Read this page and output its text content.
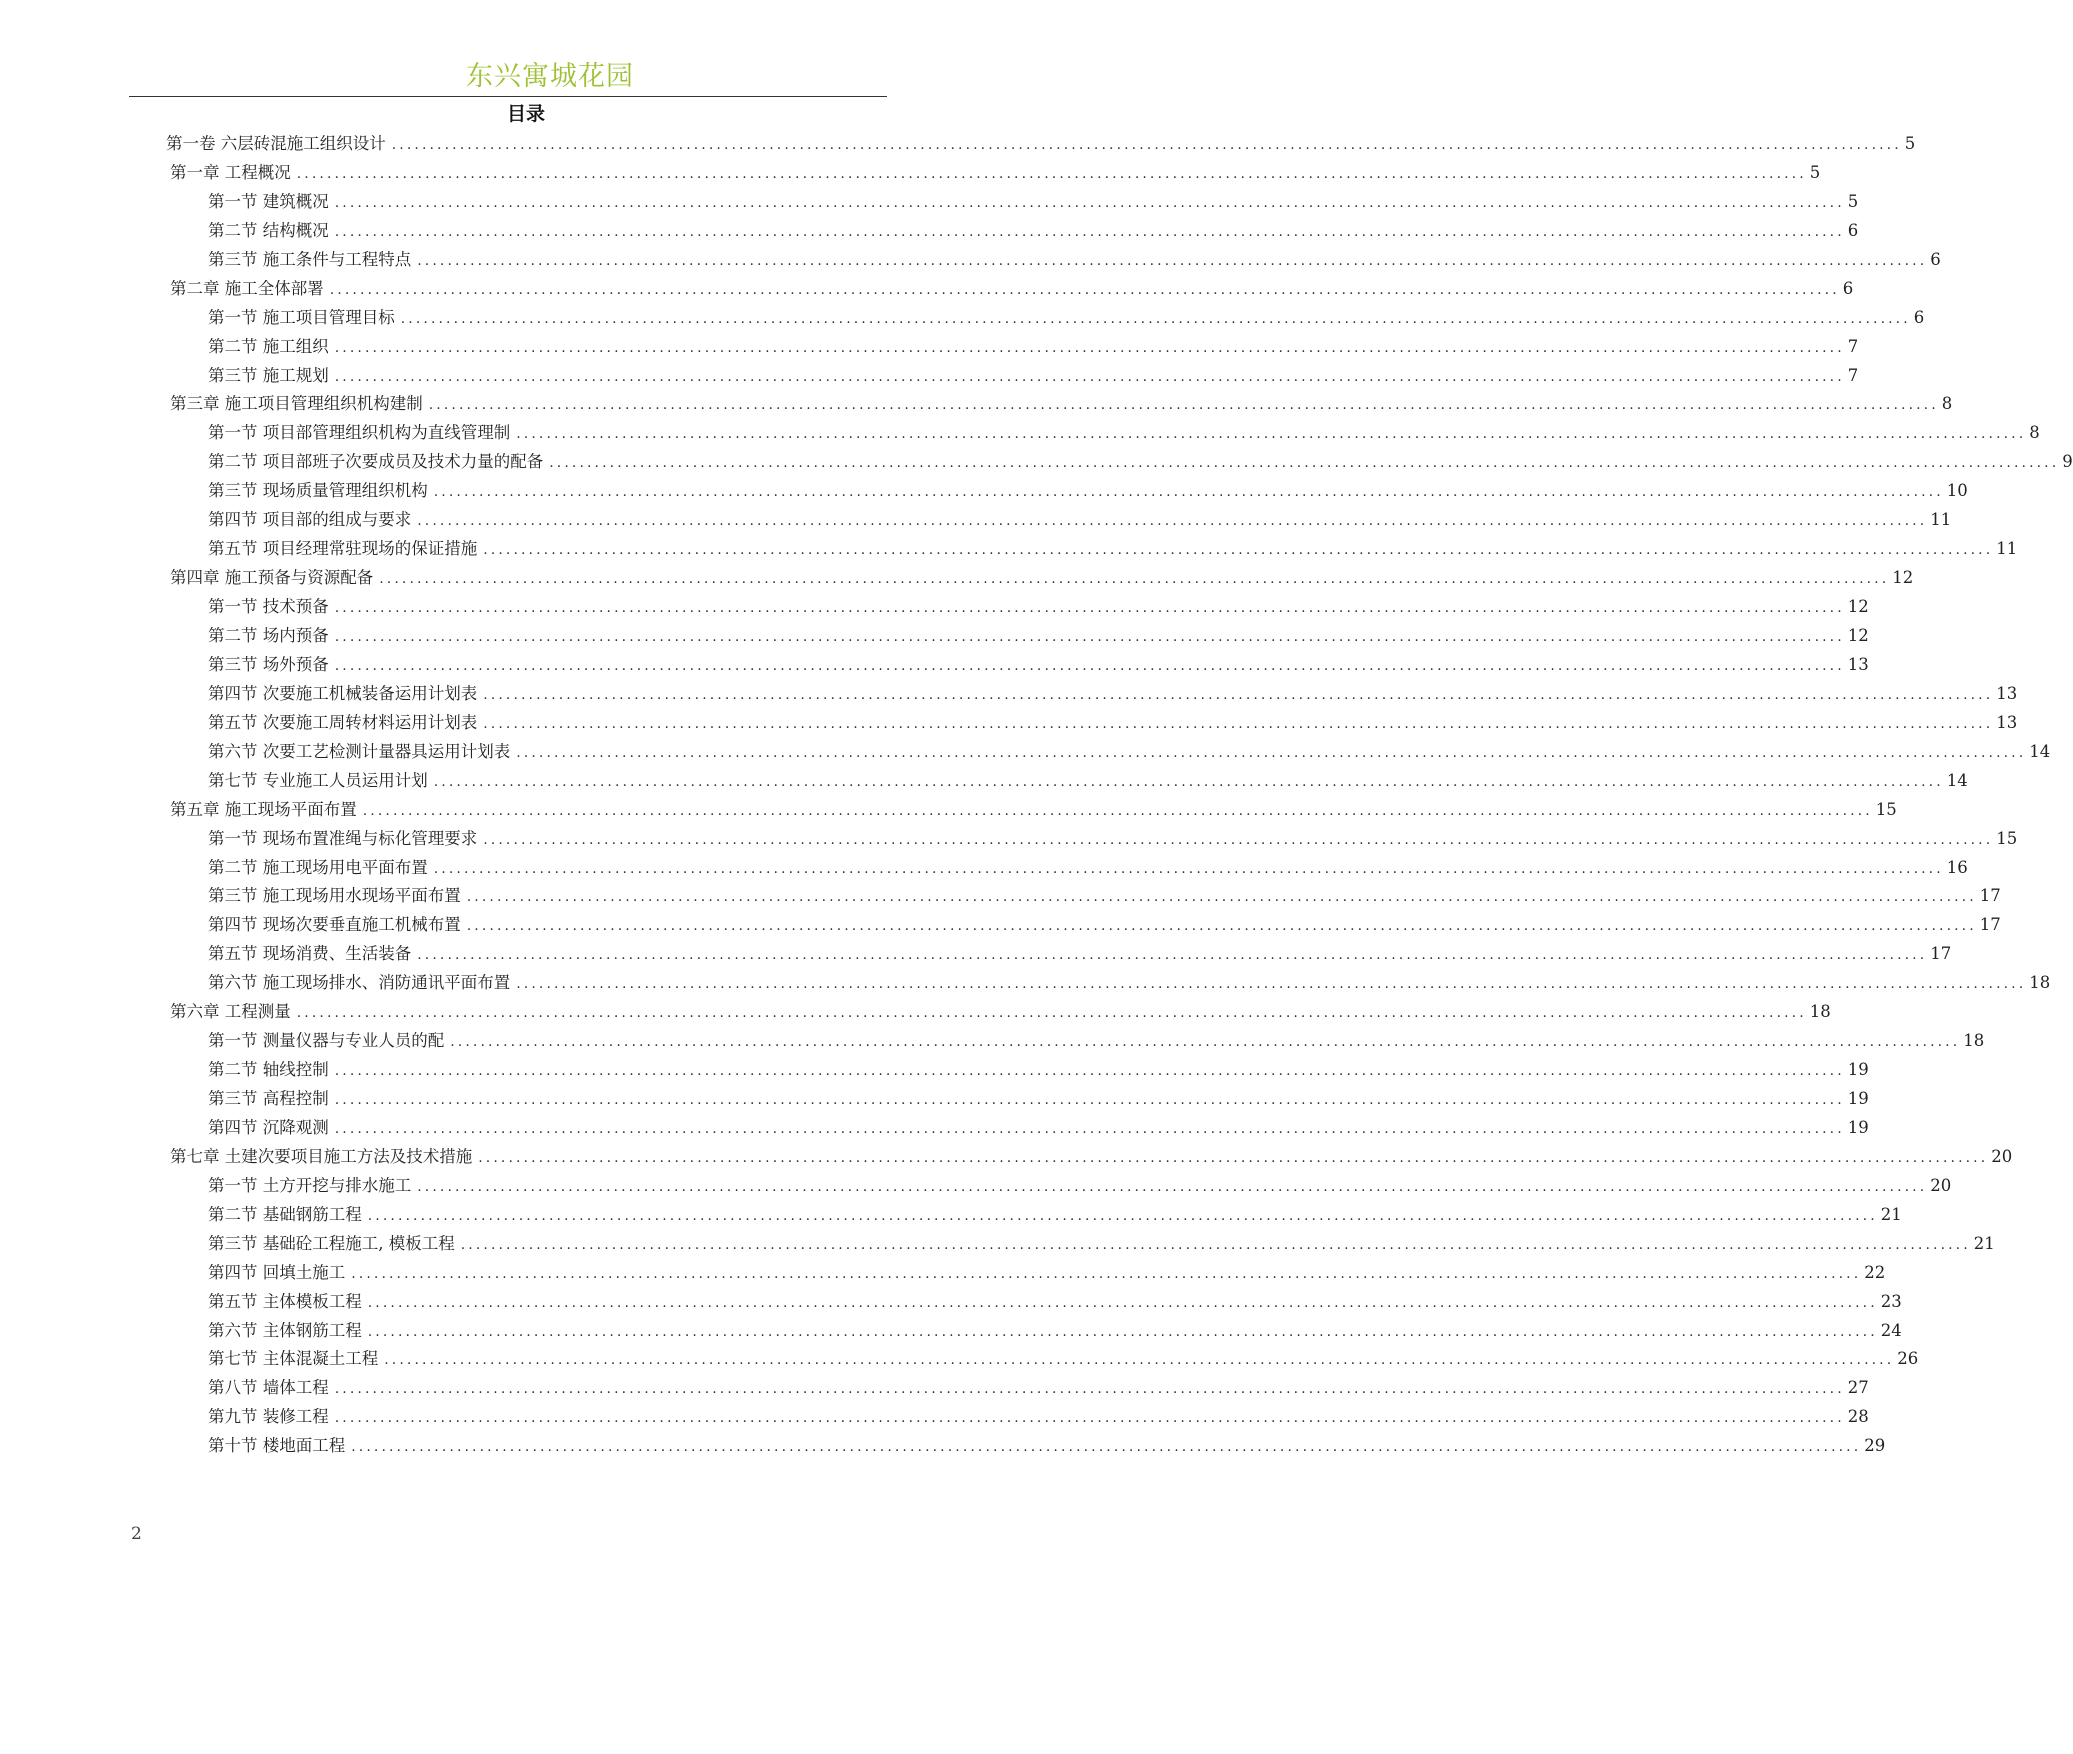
东兴寓城花园
目录
第一卷 六层砖混施工组织设计 ........................................................................................................................................................................................................ 5
第一章 工程概况 ........................................................................................................................................................................................................ 5
第一节 建筑概况 ........................................................................................................................................................................................................ 5
第二节 结构概况 ........................................................................................................................................................................................................ 6
第三节 施工条件与工程特点 ........................................................................................................................................................................................................ 6
第二章 施工全体部署 ........................................................................................................................................................................................................ 6
第一节 施工项目管理目标 ........................................................................................................................................................................................................ 6
第二节 施工组织 ........................................................................................................................................................................................................ 7
第三节 施工规划 ........................................................................................................................................................................................................ 7
第三章 施工项目管理组织机构建制 ........................................................................................................................................................................................................ 8
第一节 项目部管理组织机构为直线管理制 ........................................................................................................................................................................................................ 8
第二节 项目部班子次要成员及技术力量的配备 ........................................................................................................................................................................................................ 9
第三节 现场质量管理组织机构 ........................................................................................................................................................................................................ 10
第四节 项目部的组成与要求 ........................................................................................................................................................................................................ 11
第五节 项目经理常驻现场的保证措施 ........................................................................................................................................................................................................ 11
第四章 施工预备与资源配备 ........................................................................................................................................................................................................ 12
第一节 技术预备 ........................................................................................................................................................................................................ 12
第二节 场内预备 ........................................................................................................................................................................................................ 12
第三节 场外预备 ........................................................................................................................................................................................................ 13
第四节 次要施工机械装备运用计划表 ........................................................................................................................................................................................................ 13
第五节 次要施工周转材料运用计划表 ........................................................................................................................................................................................................ 13
第六节 次要工艺检测计量器具运用计划表 ........................................................................................................................................................................................................ 14
第七节 专业施工人员运用计划 ........................................................................................................................................................................................................ 14
第五章 施工现场平面布置 ........................................................................................................................................................................................................ 15
第一节 现场布置准绳与标化管理要求 ........................................................................................................................................................................................................ 15
第二节 施工现场用电平面布置 ........................................................................................................................................................................................................ 16
第三节 施工现场用水现场平面布置 ........................................................................................................................................................................................................ 17
第四节 现场次要垂直施工机械布置 ........................................................................................................................................................................................................ 17
第五节 现场消费、生活装备 ........................................................................................................................................................................................................ 17
第六节 施工现场排水、消防通讯平面布置 ........................................................................................................................................................................................................ 18
第六章 工程测量 ........................................................................................................................................................................................................ 18
第一节 测量仪器与专业人员的配 ........................................................................................................................................................................................................ 18
第二节 轴线控制 ........................................................................................................................................................................................................ 19
第三节 高程控制 ........................................................................................................................................................................................................ 19
第四节 沉降观测 ........................................................................................................................................................................................................ 19
第七章 土建次要项目施工方法及技术措施 ........................................................................................................................................................................................................ 20
第一节 土方开挖与排水施工 ........................................................................................................................................................................................................ 20
第二节 基础钢筋工程 ........................................................................................................................................................................................................ 21
第三节 基础砼工程施工, 模板工程 ........................................................................................................................................................................................................ 21
第四节 回填土施工 ........................................................................................................................................................................................................ 22
第五节 主体模板工程 ........................................................................................................................................................................................................ 23
第六节 主体钢筋工程 ........................................................................................................................................................................................................ 24
第七节 主体混凝土工程 ........................................................................................................................................................................................................ 26
第八节 墙体工程 ........................................................................................................................................................................................................ 27
第九节 装修工程 ........................................................................................................................................................................................................ 28
第十节 楼地面工程 ........................................................................................................................................................................................................ 29
2
